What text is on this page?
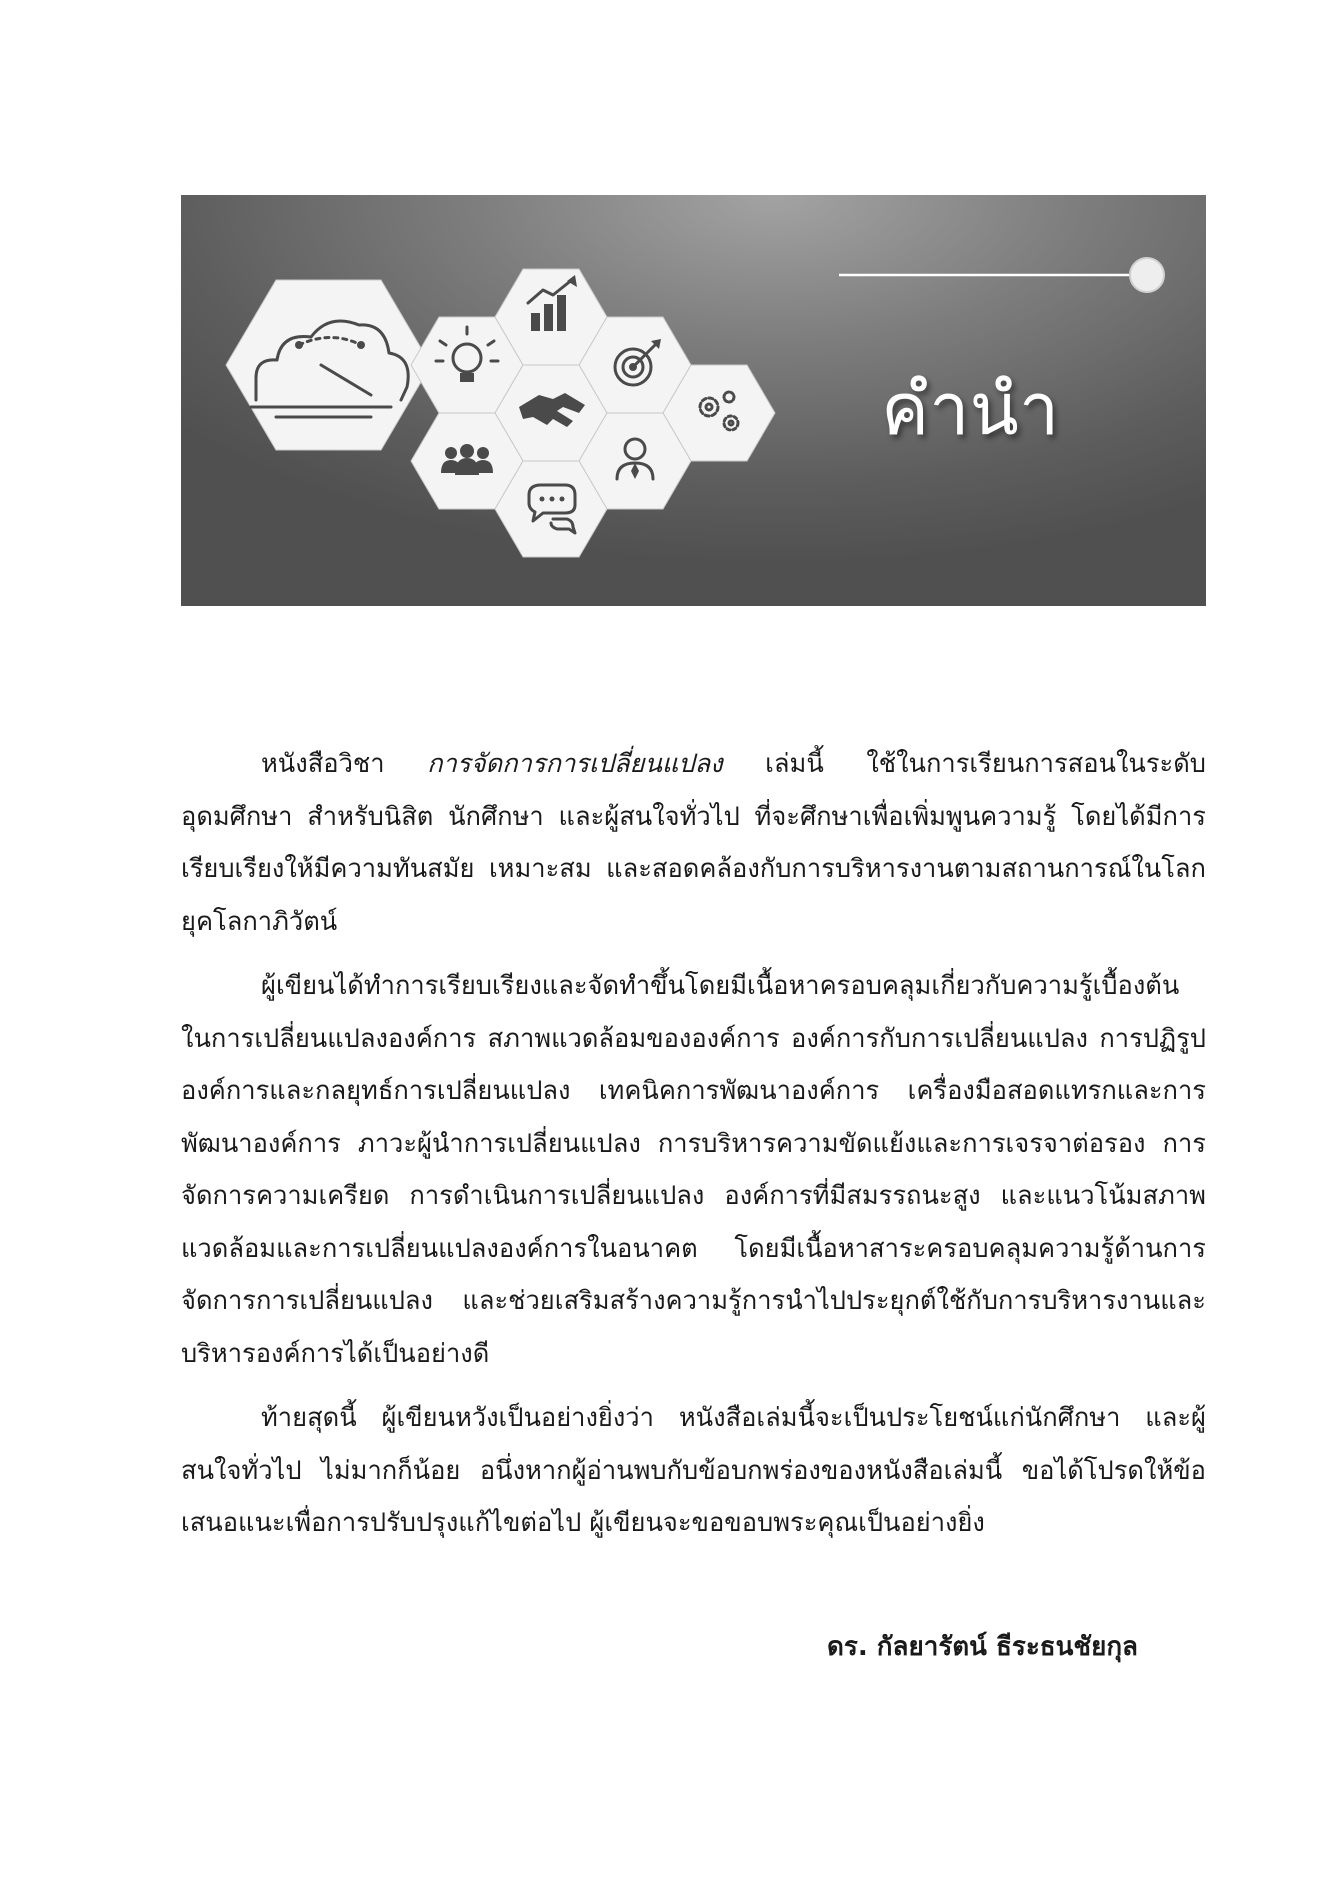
คำนำ

หนังสือวิชา การจัดการการเปลี่ยนแปลง เล่มนี้ ใช้ในการเรียนการสอนในระดับอุดมศึกษา สำหรับนิสิต นักศึกษา และผู้สนใจทั่วไป ที่จะศึกษาเพื่อเพิ่มพูนความรู้ โดยได้มีการเรียบเรียงให้มีความทันสมัย เหมาะสม และสอดคล้องกับการบริหารงานตามสถานการณ์ในโลกยุคโลกาภิวัตน์

ผู้เขียนได้ทำการเรียบเรียงและจัดทำขึ้นโดยมีเนื้อหาครอบคลุมเกี่ยวกับความรู้เบื้องต้นในการเปลี่ยนแปลงองค์การ สภาพแวดล้อมขององค์การ องค์การกับการเปลี่ยนแปลง การปฏิรูปองค์การและกลยุทธ์การเปลี่ยนแปลง เทคนิคการพัฒนาองค์การ เครื่องมือสอดแทรกและการพัฒนาองค์การ ภาวะผู้นำการเปลี่ยนแปลง การบริหารความขัดแย้งและการเจรจาต่อรอง การจัดการความเครียด การดำเนินการเปลี่ยนแปลง องค์การที่มีสมรรถนะสูง และแนวโน้มสภาพแวดล้อมและการเปลี่ยนแปลงองค์การในอนาคต โดยมีเนื้อหาสาระครอบคลุมความรู้ด้านการจัดการการเปลี่ยนแปลง และช่วยเสริมสร้างความรู้การนำไปประยุกต์ใช้กับการบริหารงานและบริหารองค์การได้เป็นอย่างดี

ท้ายสุดนี้ ผู้เขียนหวังเป็นอย่างยิ่งว่า หนังสือเล่มนี้จะเป็นประโยชน์แก่นักศึกษา และผู้สนใจทั่วไป ไม่มากก็น้อย อนึ่งหากผู้อ่านพบกับข้อบกพร่องของหนังสือเล่มนี้ ขอได้โปรดให้ข้อเสนอแนะเพื่อการปรับปรุงแก้ไขต่อไป ผู้เขียนจะขอขอบพระคุณเป็นอย่างยิ่ง

ดร. กัลยารัตน์ ธีระธนชัยกุล
